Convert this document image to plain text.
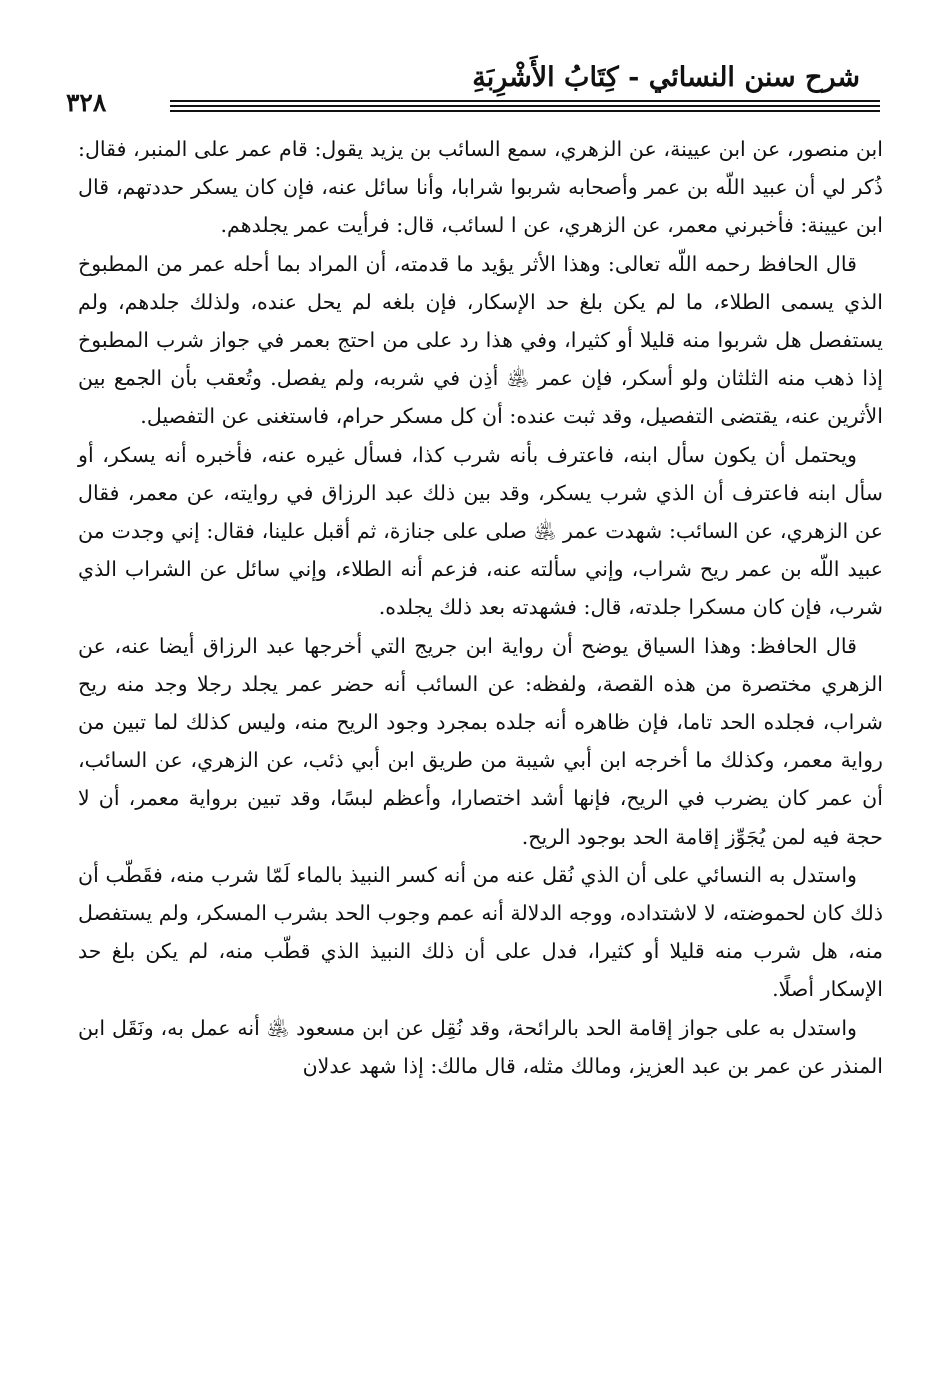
شرح سنن النسائي - كِتَابُ الأَشْرِبَةِ
٣٢٨

ابن منصور، عن ابن عيينة، عن الزهري، سمع السائب بن يزيد يقول: قام عمر على المنبر، فقال: ذُكر لي أن عبيد اللّه بن عمر وأصحابه شربوا شرابا، وأنا سائل عنه، فإن كان يسكر حددتهم، قال ابن عيينة: فأخبرني معمر، عن الزهري، عن ا لسائب، قال: فرأيت عمر يجلدهم.

قال الحافظ رحمه اللّه تعالى: وهذا الأثر يؤيد ما قدمته، أن المراد بما أحله عمر من المطبوخ الذي يسمى الطلاء، ما لم يكن بلغ حد الإسكار، فإن بلغه لم يحل عنده، ولذلك جلدهم، ولم يستفصل هل شربوا منه قليلا أو كثيرا، وفي هذا رد على من احتج بعمر في جواز شرب المطبوخ إذا ذهب منه الثلثان ولو أسكر، فإن عمر ﵁ أذِن في شربه، ولم يفصل. وتُعقب بأن الجمع بين الأثرين عنه، يقتضى التفصيل، وقد ثبت عنده: أن كل مسكر حرام، فاستغنى عن التفصيل.

ويحتمل أن يكون سأل ابنه، فاعترف بأنه شرب كذا، فسأل غيره عنه، فأخبره أنه يسكر، أو سأل ابنه فاعترف أن الذي شرب يسكر، وقد بين ذلك عبد الرزاق في روايته، عن معمر، فقال عن الزهري، عن السائب: شهدت عمر ﵁ صلى على جنازة، ثم أقبل علينا، فقال: إني وجدت من عبيد اللّه بن عمر ريح شراب، وإني سألته عنه، فزعم أنه الطلاء، وإني سائل عن الشراب الذي شرب، فإن كان مسكرا جلدته، قال: فشهدته بعد ذلك يجلده.

قال الحافظ: وهذا السياق يوضح أن رواية ابن جريج التي أخرجها عبد الرزاق أيضا عنه، عن الزهري مختصرة من هذه القصة، ولفظه: عن السائب أنه حضر عمر يجلد رجلا وجد منه ريح شراب، فجلده الحد تاما، فإن ظاهره أنه جلده بمجرد وجود الريح منه، وليس كذلك لما تبين من رواية معمر، وكذلك ما أخرجه ابن أبي شيبة من طريق ابن أبي ذئب، عن الزهري، عن السائب، أن عمر كان يضرب في الريح، فإنها أشد اختصارا، وأعظم لبسًا، وقد تبين برواية معمر، أن لا حجة فيه لمن يُجَوِّز إقامة الحد بوجود الريح.

واستدل به النسائي على أن الذي نُقل عنه من أنه كسر النبيذ بالماء لَمّا شرب منه، فقَطّب أن ذلك كان لحموضته، لا لاشتداده، ووجه الدلالة أنه عمم وجوب الحد بشرب المسكر، ولم يستفصل منه، هل شرب منه قليلا أو كثيرا، فدل على أن ذلك النبيذ الذي قطّب منه، لم يكن بلغ حد الإسكار أصلًا.

واستدل به على جواز إقامة الحد بالرائحة، وقد نُقِل عن ابن مسعود ﵁ أنه عمل به، ونَقَل ابن المنذر عن عمر بن عبد العزيز، ومالك مثله، قال مالك: إذا شهد عدلان
